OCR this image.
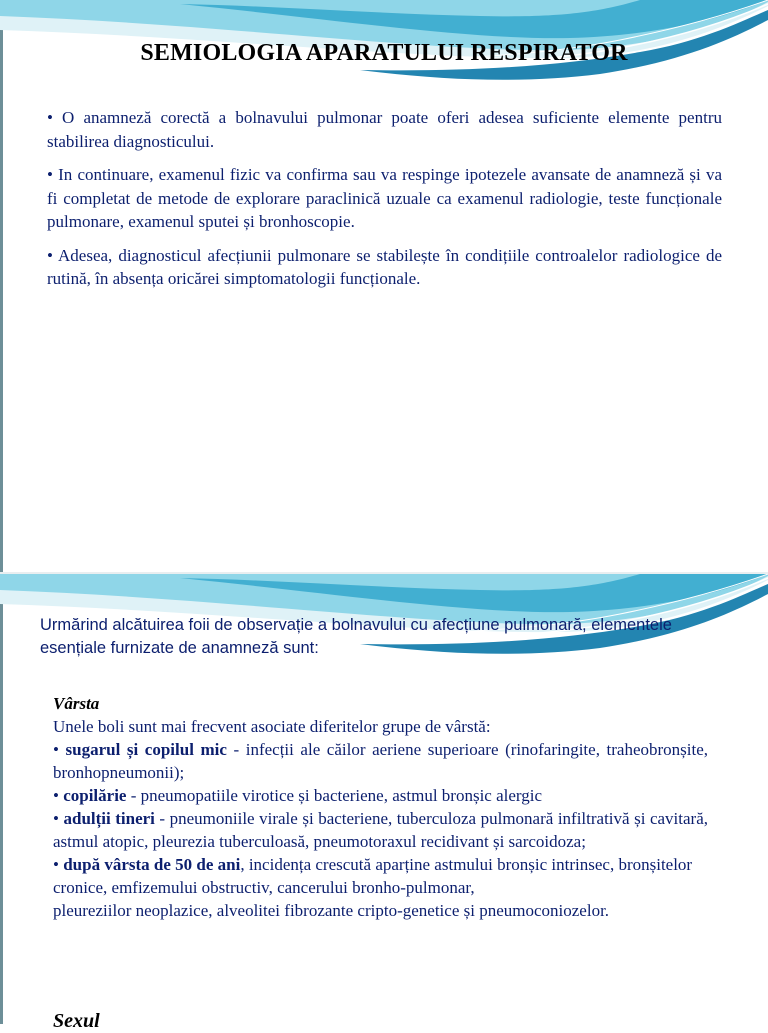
SEMIOLOGIA APARATULUI RESPIRATOR

• O anamneză corectă a bolnavului pulmonar poate oferi adesea suficiente elemente pentru stabilirea diagnosticului.

• In continuare, examenul fizic va confirma sau va respinge ipotezele avansate de anamneză și va fi completat de metode de explorare paraclinică uzuale ca examenul radiologie, teste funcționale pulmonare, examenul sputei și bronhoscopie.

• Adesea, diagnosticul afecțiunii pulmonare se stabilește în condițiile controalelor radiologice de rutină, în absența oricărei simptomatologii funcționale.

Urmărind alcătuirea foii de observație a bolnavului cu afecțiune pulmonară, elementele esențiale furnizate de anamneză sunt:
Vârsta
Unele boli sunt mai frecvent asociate diferitelor grupe de vârstă:
• sugarul și copilul mic - infecții ale căilor aeriene superioare (rinofaringite, traheobronșite, bronhopneumonii);
• copilărie - pneumopatiile virotice și bacteriene, astmul bronșic alergic
• adulții tineri - pneumoniile virale și bacteriene, tuberculoza pulmonară infiltrativă și cavitară, astmul atopic, pleurezia tuberculoasă, pneumotoraxul recidivant și sarcoidoza;
• după vârsta de 50 de ani, incidența crescută aparține astmului bronșic intrinsec, bronșitelor cronice, emfizemului obstructiv, cancerului bronho-pulmonar,
pleureziilor neoplazice, alveolitei fibrozante cripto-genetice și pneumoconiozelor.
Sexul
